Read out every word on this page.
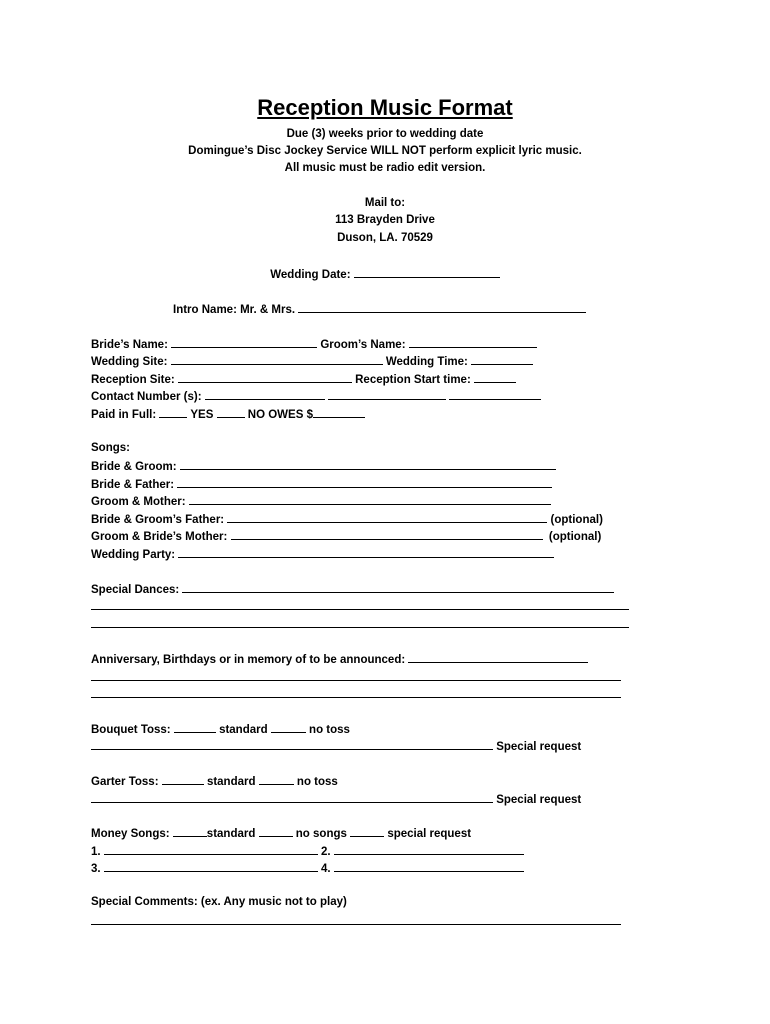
Reception Music Format
Due (3) weeks prior to wedding date
Domingue’s Disc Jockey Service WILL NOT perform explicit lyric music.
All music must be radio edit version.
Mail to:
113 Brayden Drive
Duson, LA. 70529
Wedding Date:
Intro Name: Mr. & Mrs.
Bride’s Name:	Groom’s Name:
Wedding Site:	Wedding Time:
Reception Site:	Reception Start time:
Contact Number (s):
Paid in Full:	YES	NO OWES $
Songs:
Bride & Groom:
Bride & Father:
Groom & Mother:
Bride & Groom’s Father:	(optional)
Groom & Bride’s Mother:	(optional)
Wedding Party:
Special Dances:
Anniversary, Birthdays or in memory of to be announced:
Bouquet Toss:	standard	no toss
Special request
Garter Toss:	standard	no toss
Special request
Money Songs:	standard	no songs	special request
1.	2.
3.	4.
Special Comments: (ex. Any music not to play)
